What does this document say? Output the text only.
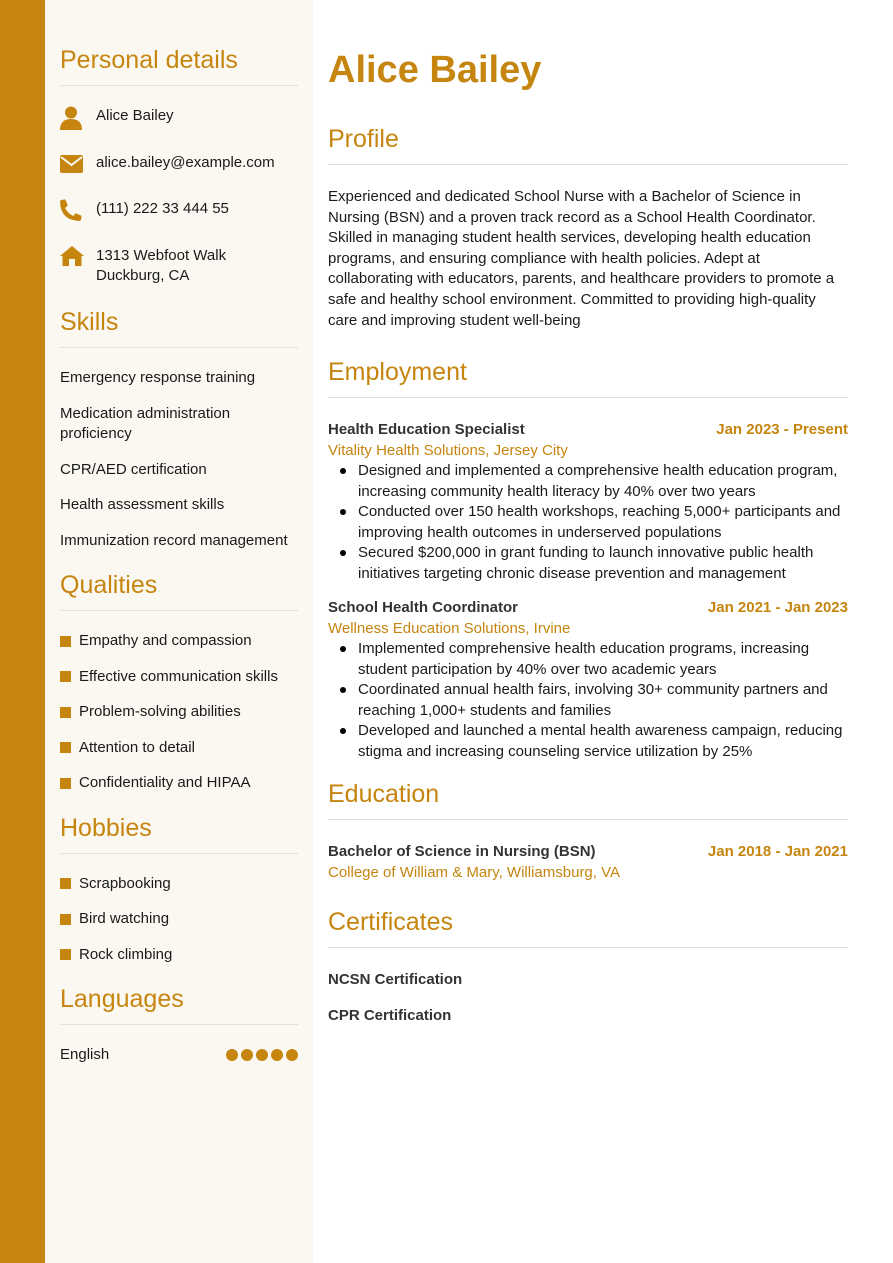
Personal details
Alice Bailey
alice.bailey@example.com
(111) 222 33 444 55
1313 Webfoot Walk
Duckburg, CA
Skills
Emergency response training
Medication administration proficiency
CPR/AED certification
Health assessment skills
Immunization record management
Qualities
Empathy and compassion
Effective communication skills
Problem-solving abilities
Attention to detail
Confidentiality and HIPAA
Hobbies
Scrapbooking
Bird watching
Rock climbing
Languages
English
Alice Bailey
Profile

Experienced and dedicated School Nurse with a Bachelor of Science in Nursing (BSN) and a proven track record as a School Health Coordinator. Skilled in managing student health services, developing health education programs, and ensuring compliance with health policies. Adept at collaborating with educators, parents, and healthcare providers to promote a safe and healthy school environment. Committed to providing high-quality care and improving student well-being

Employment
Health Education Specialist	Jan 2023 - Present
Vitality Health Solutions, Jersey City
Designed and implemented a comprehensive health education program, increasing community health literacy by 40% over two years
Conducted over 150 health workshops, reaching 5,000+ participants and improving health outcomes in underserved populations
Secured $200,000 in grant funding to launch innovative public health initiatives targeting chronic disease prevention and management
School Health Coordinator	Jan 2021 - Jan 2023
Wellness Education Solutions, Irvine
Implemented comprehensive health education programs, increasing student participation by 40% over two academic years
Coordinated annual health fairs, involving 30+ community partners and reaching 1,000+ students and families
Developed and launched a mental health awareness campaign, reducing stigma and increasing counseling service utilization by 25%
Education
Bachelor of Science in Nursing (BSN)	Jan 2018 - Jan 2021
College of William & Mary, Williamsburg, VA
Certificates
NCSN Certification
CPR Certification
